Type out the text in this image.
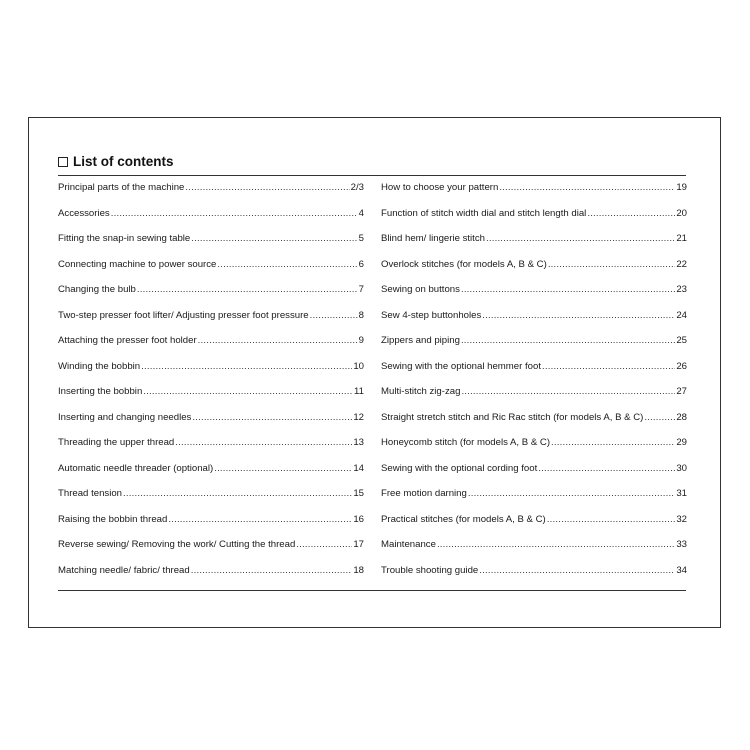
List of contents
Principal parts of the machine .....	2/3
Accessories .....	4
Fitting the snap-in sewing table .....	5
Connecting machine to power source .....	6
Changing the bulb .....	7
Two-step presser foot lifter/ Adjusting presser foot pressure .....	8
Attaching the presser foot holder .....	9
Winding the bobbin .....	10
Inserting the bobbin .....	11
Inserting and changing needles .....	12
Threading the upper thread .....	13
Automatic needle threader (optional) .....	14
Thread tension .....	15
Raising the bobbin thread .....	16
Reverse sewing/ Removing the work/ Cutting the thread .....	17
Matching needle/ fabric/ thread .....	18
How to choose your pattern .....	19
Function of stitch width dial and stitch length dial .....	20
Blind hem/ lingerie stitch .....	21
Overlock stitches (for models A, B & C) .....	22
Sewing on buttons .....	23
Sew 4-step buttonholes .....	24
Zippers and piping .....	25
Sewing with the optional hemmer foot .....	26
Multi-stitch zig-zag .....	27
Straight stretch stitch and Ric Rac stitch (for models A, B & C) .....	28
Honeycomb stitch (for models A, B & C) .....	29
Sewing with the optional cording foot .....	30
Free motion darning .....	31
Practical stitches (for models A, B & C) .....	32
Maintenance .....	33
Trouble shooting guide .....	34
